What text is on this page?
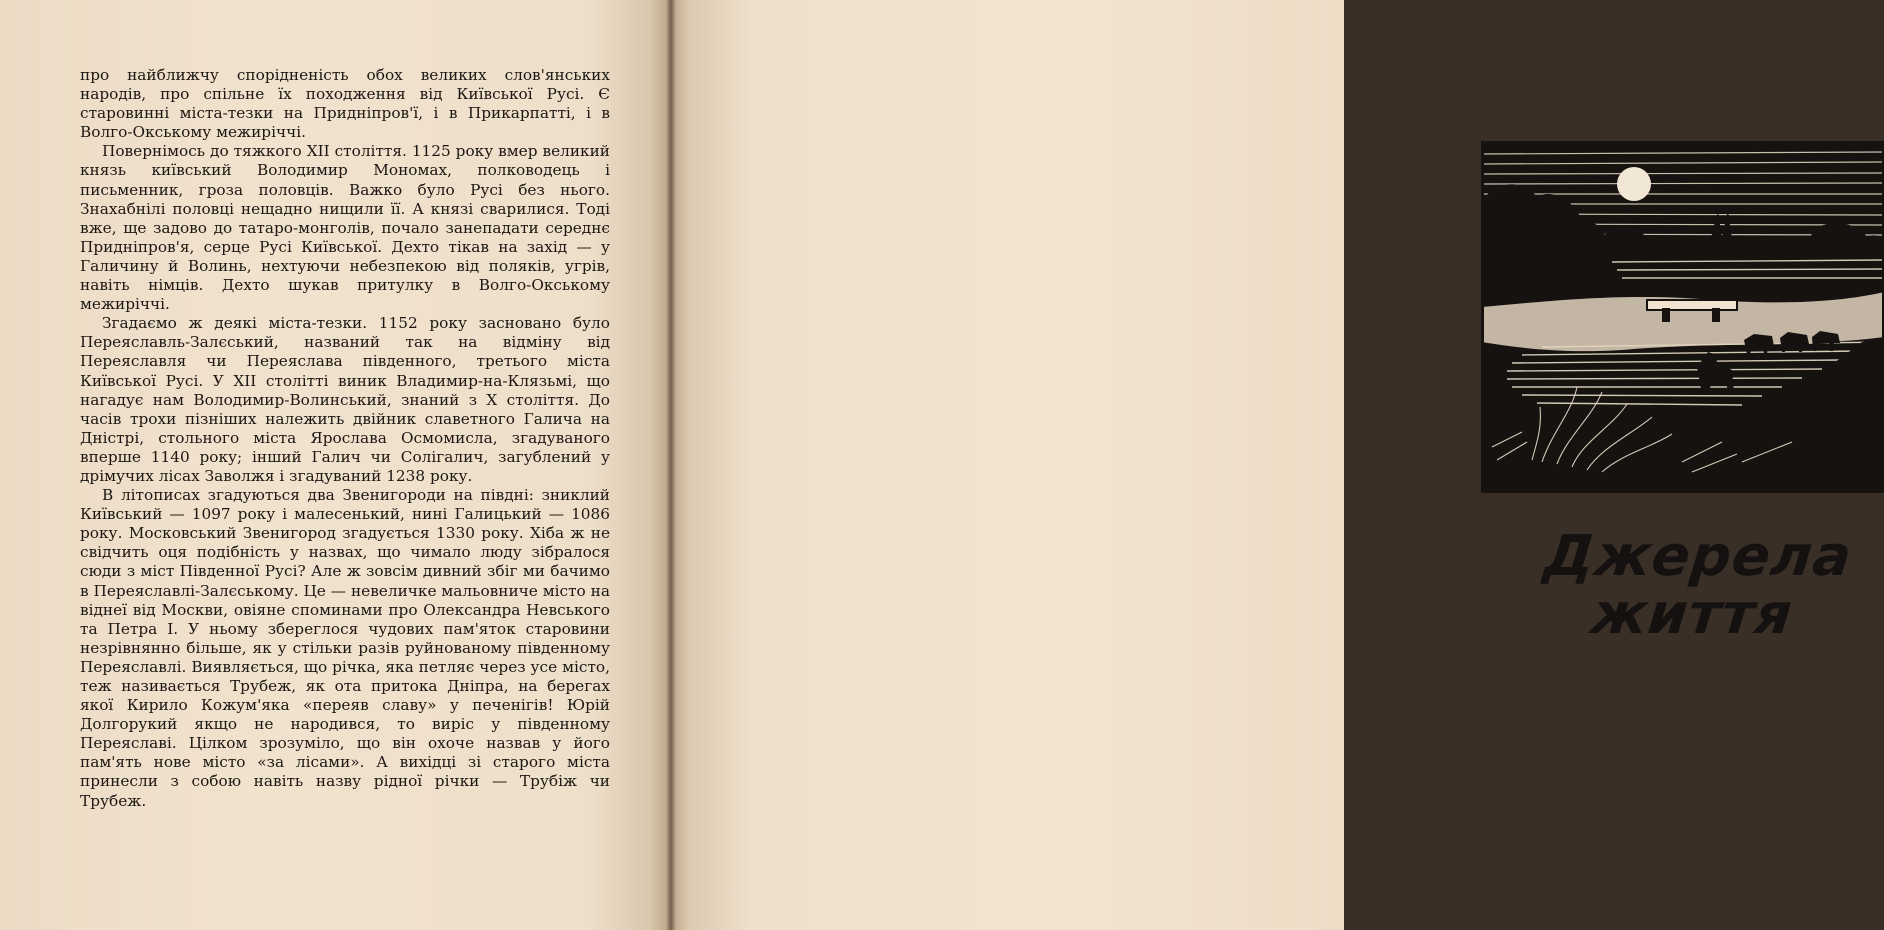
про найближчу спорідненість обох великих слов'янських народів, про спільне їх походження від Київської Русі. Є старовинні міста-тезки на Придніпров'ї, і в Прикарпатті, і в Волго-Окському межиріччі.

Повернімось до тяжкого XII століття. 1125 року вмер великий князь київський Володимир Мономах, полководець і письменник, гроза половців. Важко було Русі без нього. Знахабнілі половці нещадно нищили її. А князі сварилися. Тоді вже, ще задово до татаро-монголів, почало занепадати середнє Придніпров'я, серце Русі Київської. Дехто тікав на захід — у Галичину й Волинь, нехтуючи небезпекою від поляків, угрів, навіть німців. Дехто шукав притулку в Волго-Окському межиріччі.

Згадаємо ж деякі міста-тезки. 1152 року засновано було Переяславль-Залєський, названий так на відміну від Переяславля чи Переяслава південного, третього міста Київської Русі. У XII столітті виник Владимир-на-Клязьмі, що нагадує нам Володимир-Волинський, знаний з X століття. До часів трохи пізніших належить двійник славетного Галича на Дністрі, стольного міста Ярослава Осмомисла, згадуваного вперше 1140 року; інший Галич чи Солігалич, загублений у дрімучих лісах Заволжя і згадуваний 1238 року.

В літописах згадуються два Звенигороди на півдні: зниклий Київський — 1097 року і малесенький, нині Галицький — 1086 року. Московський Звенигород згадується 1330 року. Хіба ж не свідчить оця подібність у назвах, що чимало люду зібралося сюди з міст Південної Русі? Але ж зовсім дивний збіг ми бачимо в Переяславлі-Залєському. Це — невеличке мальовниче місто на віднеї від Москви, овіяне споминами про Олександра Невського та Петра І. У ньому збереглося чудових пам'яток старовини незрівнянно більше, як у стільки разів руйнованому південному Переяславлі. Виявляється, що річка, яка петляє через усе місто, теж називається Трубеж, як ота притока Дніпра, на берегах якої Кирило Кожум'яка «переяв славу» у печенігів! Юрій Долгорукий якщо не народився, то виріс у південному Переяславі. Цілком зрозуміло, що він охоче назвав у його пам'ять нове місто «за лісами». А вихідці зі старого міста принесли з собою навіть назву рідної річки — Трубіж чи Трубеж.

Джерела
життя
